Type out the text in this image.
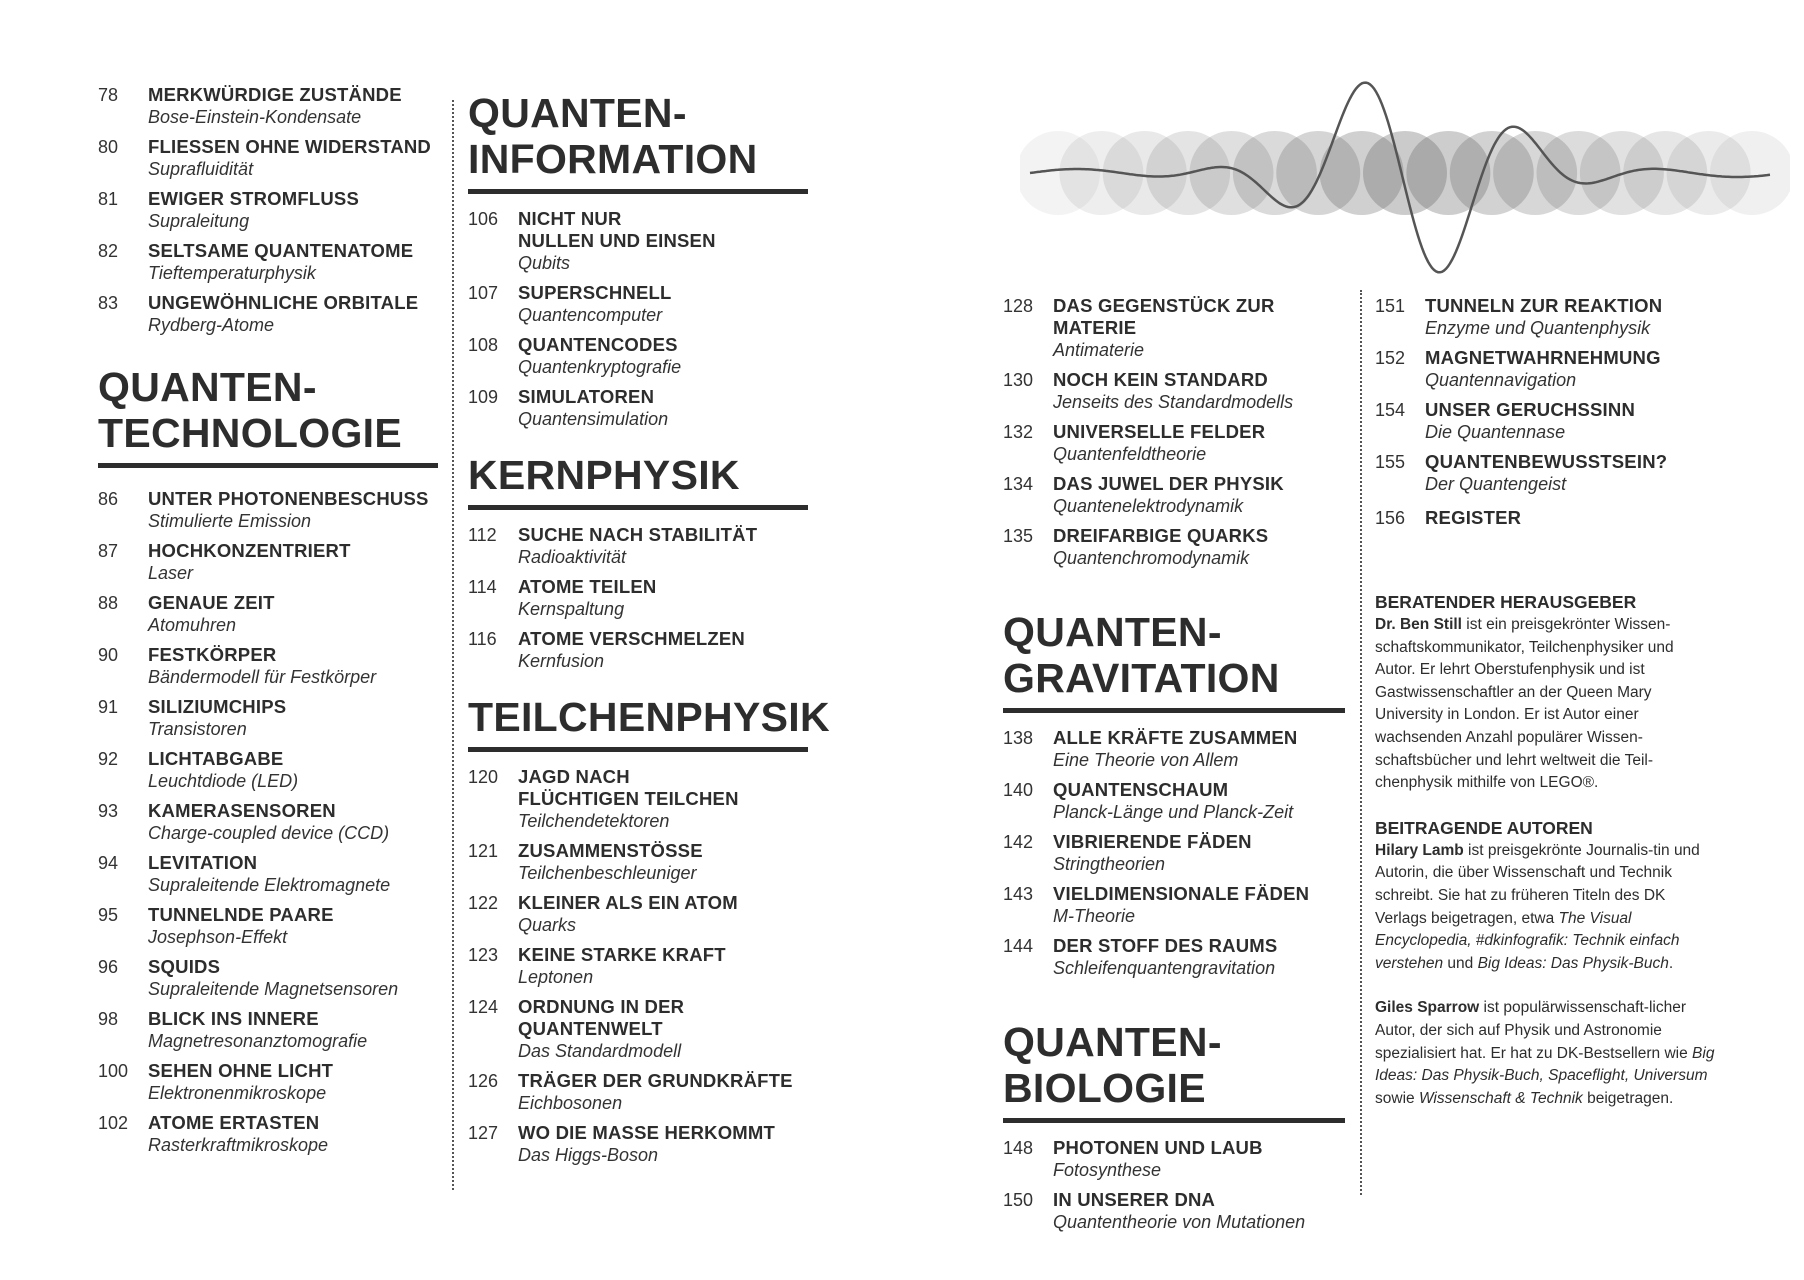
78	MERKWÜRDIGE ZUSTÄNDE
Bose-Einstein-Kondensate
80	FLIESSEN OHNE WIDERSTAND
Suprafluidität
81	EWIGER STROMFLUSS
Supraleitung
82	SELTSAME QUANTENATOME
Tieftemperaturphysik
83	UNGEWÖHNLICHE ORBITALE
Rydberg-Atome
QUANTEN-
TECHNOLOGIE
86	UNTER PHOTONENBESCHUSS
Stimulierte Emission
87	HOCHKONZENTRIERT
Laser
88	GENAUE ZEIT
Atomuhren
90	FESTKÖRPER
Bändermodell für Festkörper
91	SILIZIUMCHIPS
Transistoren
92	LICHTABGABE
Leuchtdiode (LED)
93	KAMERASENSOREN
Charge-coupled device (CCD)
94	LEVITATION
Supraleitende Elektromagnete
95	TUNNELNDE PAARE
Josephson-Effekt
96	SQUIDS
Supraleitende Magnetsensoren
98	BLICK INS INNERE
Magnetresonanztomografie
100	SEHEN OHNE LICHT
Elektronenmikroskope
102	ATOME ERTASTEN
Rasterkraftmikroskope
QUANTEN-
INFORMATION
106	NICHT NUR
NULLEN UND EINSEN
Qubits
107	SUPERSCHNELL
Quantencomputer
108	QUANTENCODES
Quantenkryptografie
109	SIMULATOREN
Quantensimulation
KERNPHYSIK
112	SUCHE NACH STABILITÄT
Radioaktivität
114	ATOME TEILEN
Kernspaltung
116	ATOME VERSCHMELZEN
Kernfusion
TEILCHENPHYSIK
120	JAGD NACH
FLÜCHTIGEN TEILCHEN
Teilchendetektoren
121	ZUSAMMENSTÖSSE
Teilchenbeschleuniger
122	KLEINER ALS EIN ATOM
Quarks
123	KEINE STARKE KRAFT
Leptonen
124	ORDNUNG IN DER
QUANTENWELT
Das Standardmodell
126	TRÄGER DER GRUNDKRÄFTE
Eichbosonen
127	WO DIE MASSE HERKOMMT
Das Higgs-Boson
128	DAS GEGENSTÜCK ZUR
MATERIE
Antimaterie
130	NOCH KEIN STANDARD
Jenseits des Standardmodells
132	UNIVERSELLE FELDER
Quantenfeldtheorie
134	DAS JUWEL DER PHYSIK
Quantenelektrodynamik
135	DREIFARBIGE QUARKS
Quantenchromodynamik
QUANTEN-
GRAVITATION
138	ALLE KRÄFTE ZUSAMMEN
Eine Theorie von Allem
140	QUANTENSCHAUM
Planck-Länge und Planck-Zeit
142	VIBRIERENDE FÄDEN
Stringtheorien
143	VIELDIMENSIONALE FÄDEN
M-Theorie
144	DER STOFF DES RAUMS
Schleifenquantengravitation
QUANTEN-
BIOLOGIE
148	PHOTONEN UND LAUB
Fotosynthese
150	IN UNSERER DNA
Quantentheorie von Mutationen
151	TUNNELN ZUR REAKTION
Enzyme und Quantenphysik
152	MAGNETWAHRNEHMUNG
Quantennavigation
154	UNSER GERUCHSSINN
Die Quantennase
155	QUANTENBEWUSSTSEIN?
Der Quantengeist
156	REGISTER
BERATENDER HERAUSGEBER

Dr. Ben Still ist ein preisgekrönter Wissen-schaftskommunikator, Teilchenphysiker und Autor. Er lehrt Oberstufenphysik und ist Gastwissenschaftler an der Queen Mary University in London. Er ist Autor einer wachsenden Anzahl populärer Wissen-schaftsbücher und lehrt weltweit die Teil-chenphysik mithilfe von LEGO®.

BEITRAGENDE AUTOREN

Hilary Lamb ist preisgekrönte Journalis-tin und Autorin, die über Wissenschaft und Technik schreibt. Sie hat zu früheren Titeln des DK Verlags beigetragen, etwa The Visual Encyclopedia, #dkinfografik: Technik einfach verstehen und Big Ideas: Das Physik-Buch.

Giles Sparrow ist populärwissenschaft-licher Autor, der sich auf Physik und Astronomie spezialisiert hat. Er hat zu DK-Bestsellern wie Big Ideas: Das Physik-Buch, Spaceflight, Universum sowie Wissenschaft & Technik beigetragen.
